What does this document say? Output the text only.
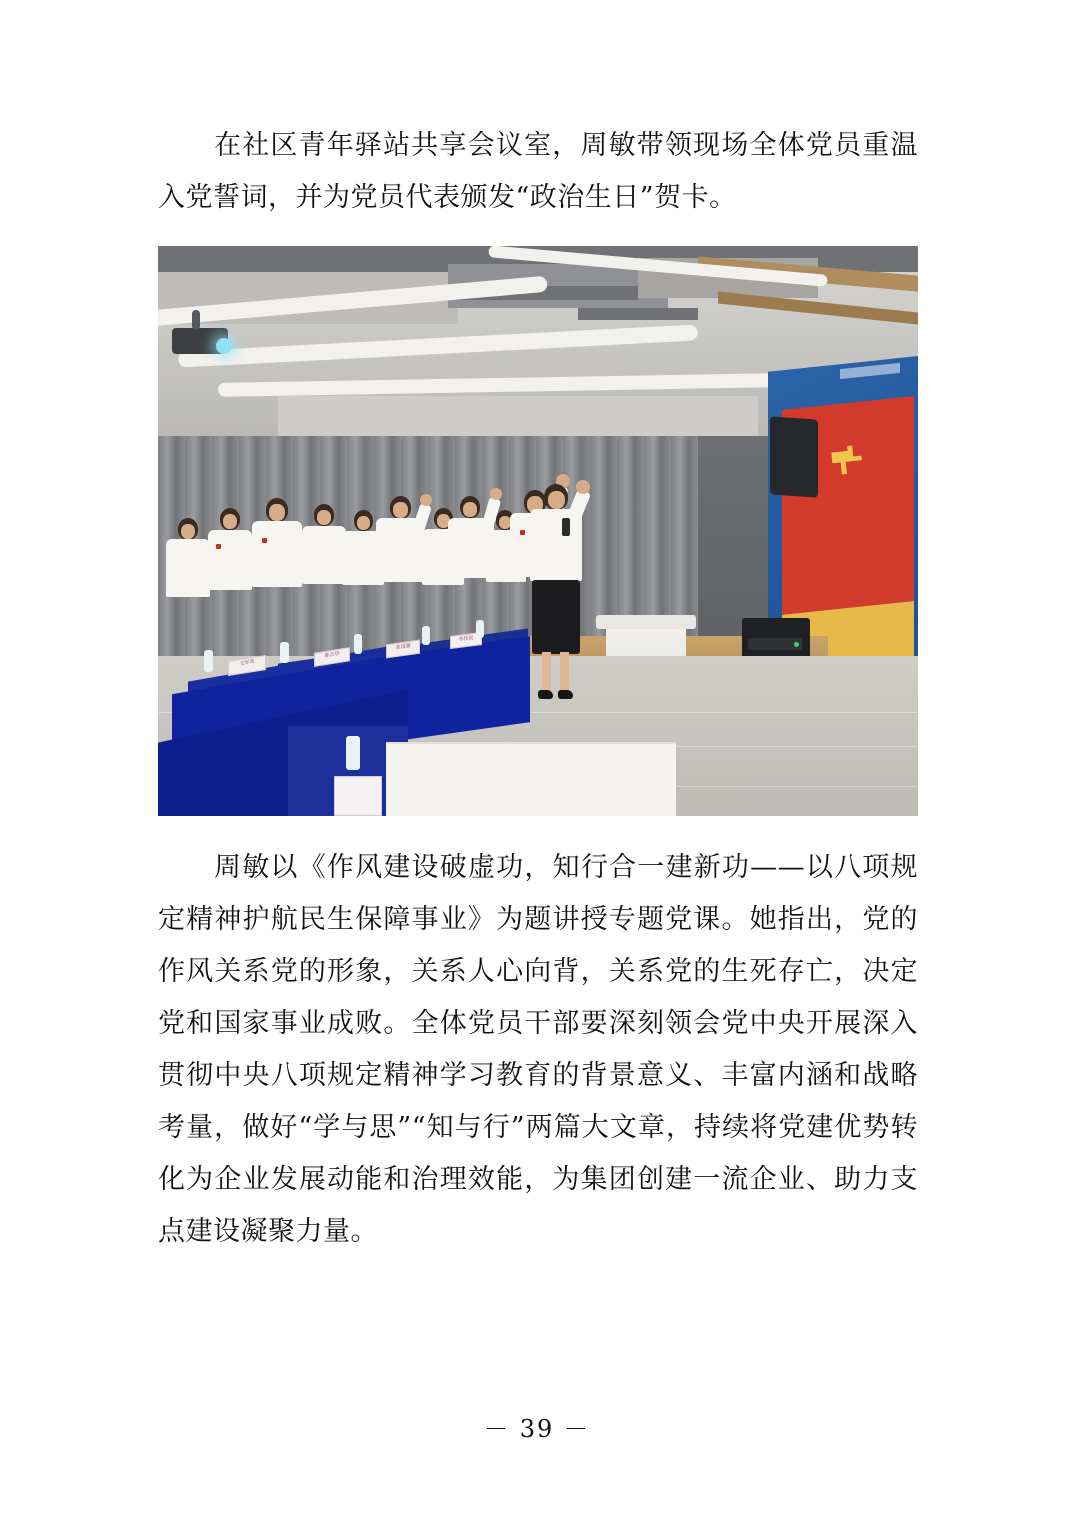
在社区青年驿站共享会议室，周敏带领现场全体党员重温入党誓词，并为党员代表颁发“政治生日”贺卡。

文军英
陈志华
张国强
李伟民

周敏以《作风建设破虚功，知行合一建新功——以八项规定精神护航民生保障事业》为题讲授专题党课。她指出，党的作风关系党的形象，关系人心向背，关系党的生死存亡，决定党和国家事业成败。全体党员干部要深刻领会党中央开展深入贯彻中央八项规定精神学习教育的背景意义、丰富内涵和战略考量，做好“学与思”“知与行”两篇大文章，持续将党建优势转化为企业发展动能和治理效能，为集团创建一流企业、助力支点建设凝聚力量。

－ 39 －
